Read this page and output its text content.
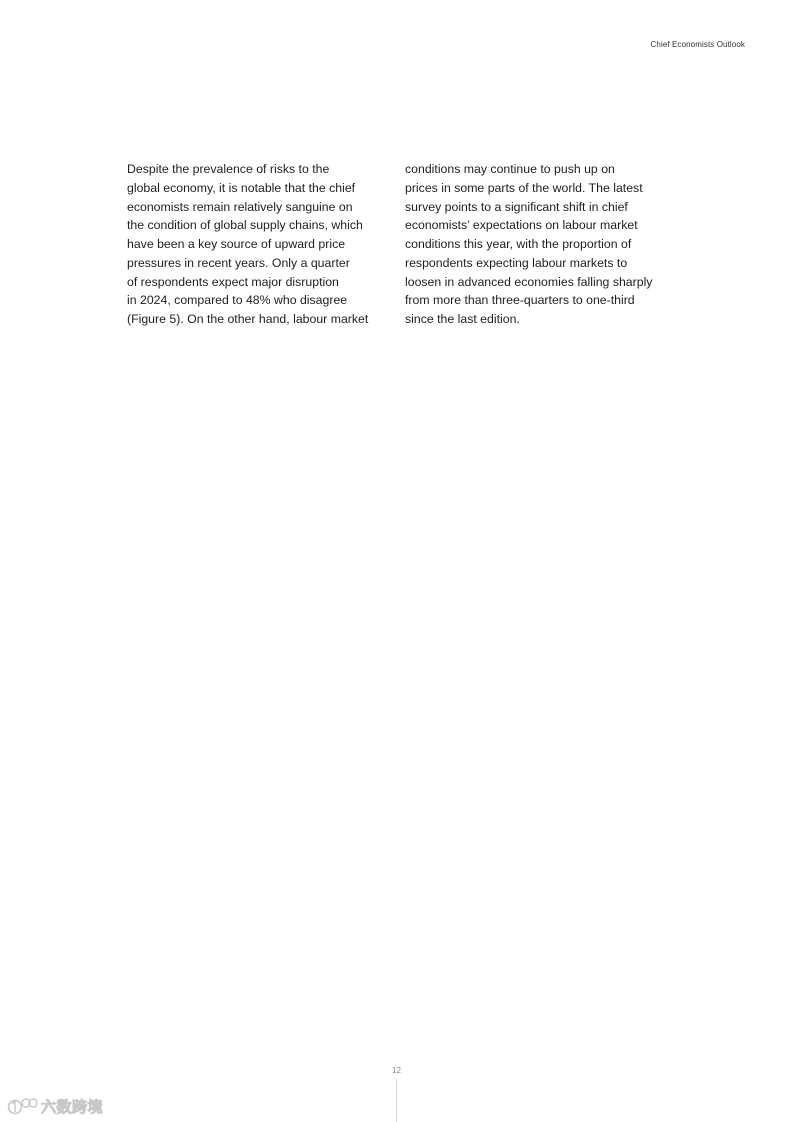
Chief Economists Outlook
Despite the prevalence of risks to the
global economy, it is notable that the chief
economists remain relatively sanguine on
the condition of global supply chains, which
have been a key source of upward price
pressures in recent years. Only a quarter
of respondents expect major disruption
in 2024, compared to 48% who disagree
(Figure 5). On the other hand, labour market
conditions may continue to push up on
prices in some parts of the world. The latest
survey points to a significant shift in chief
economists’ expectations on labour market
conditions this year, with the proportion of
respondents expecting labour markets to
loosen in advanced economies falling sharply
from more than three-quarters to one-third
since the last edition.
12
六数跨境
